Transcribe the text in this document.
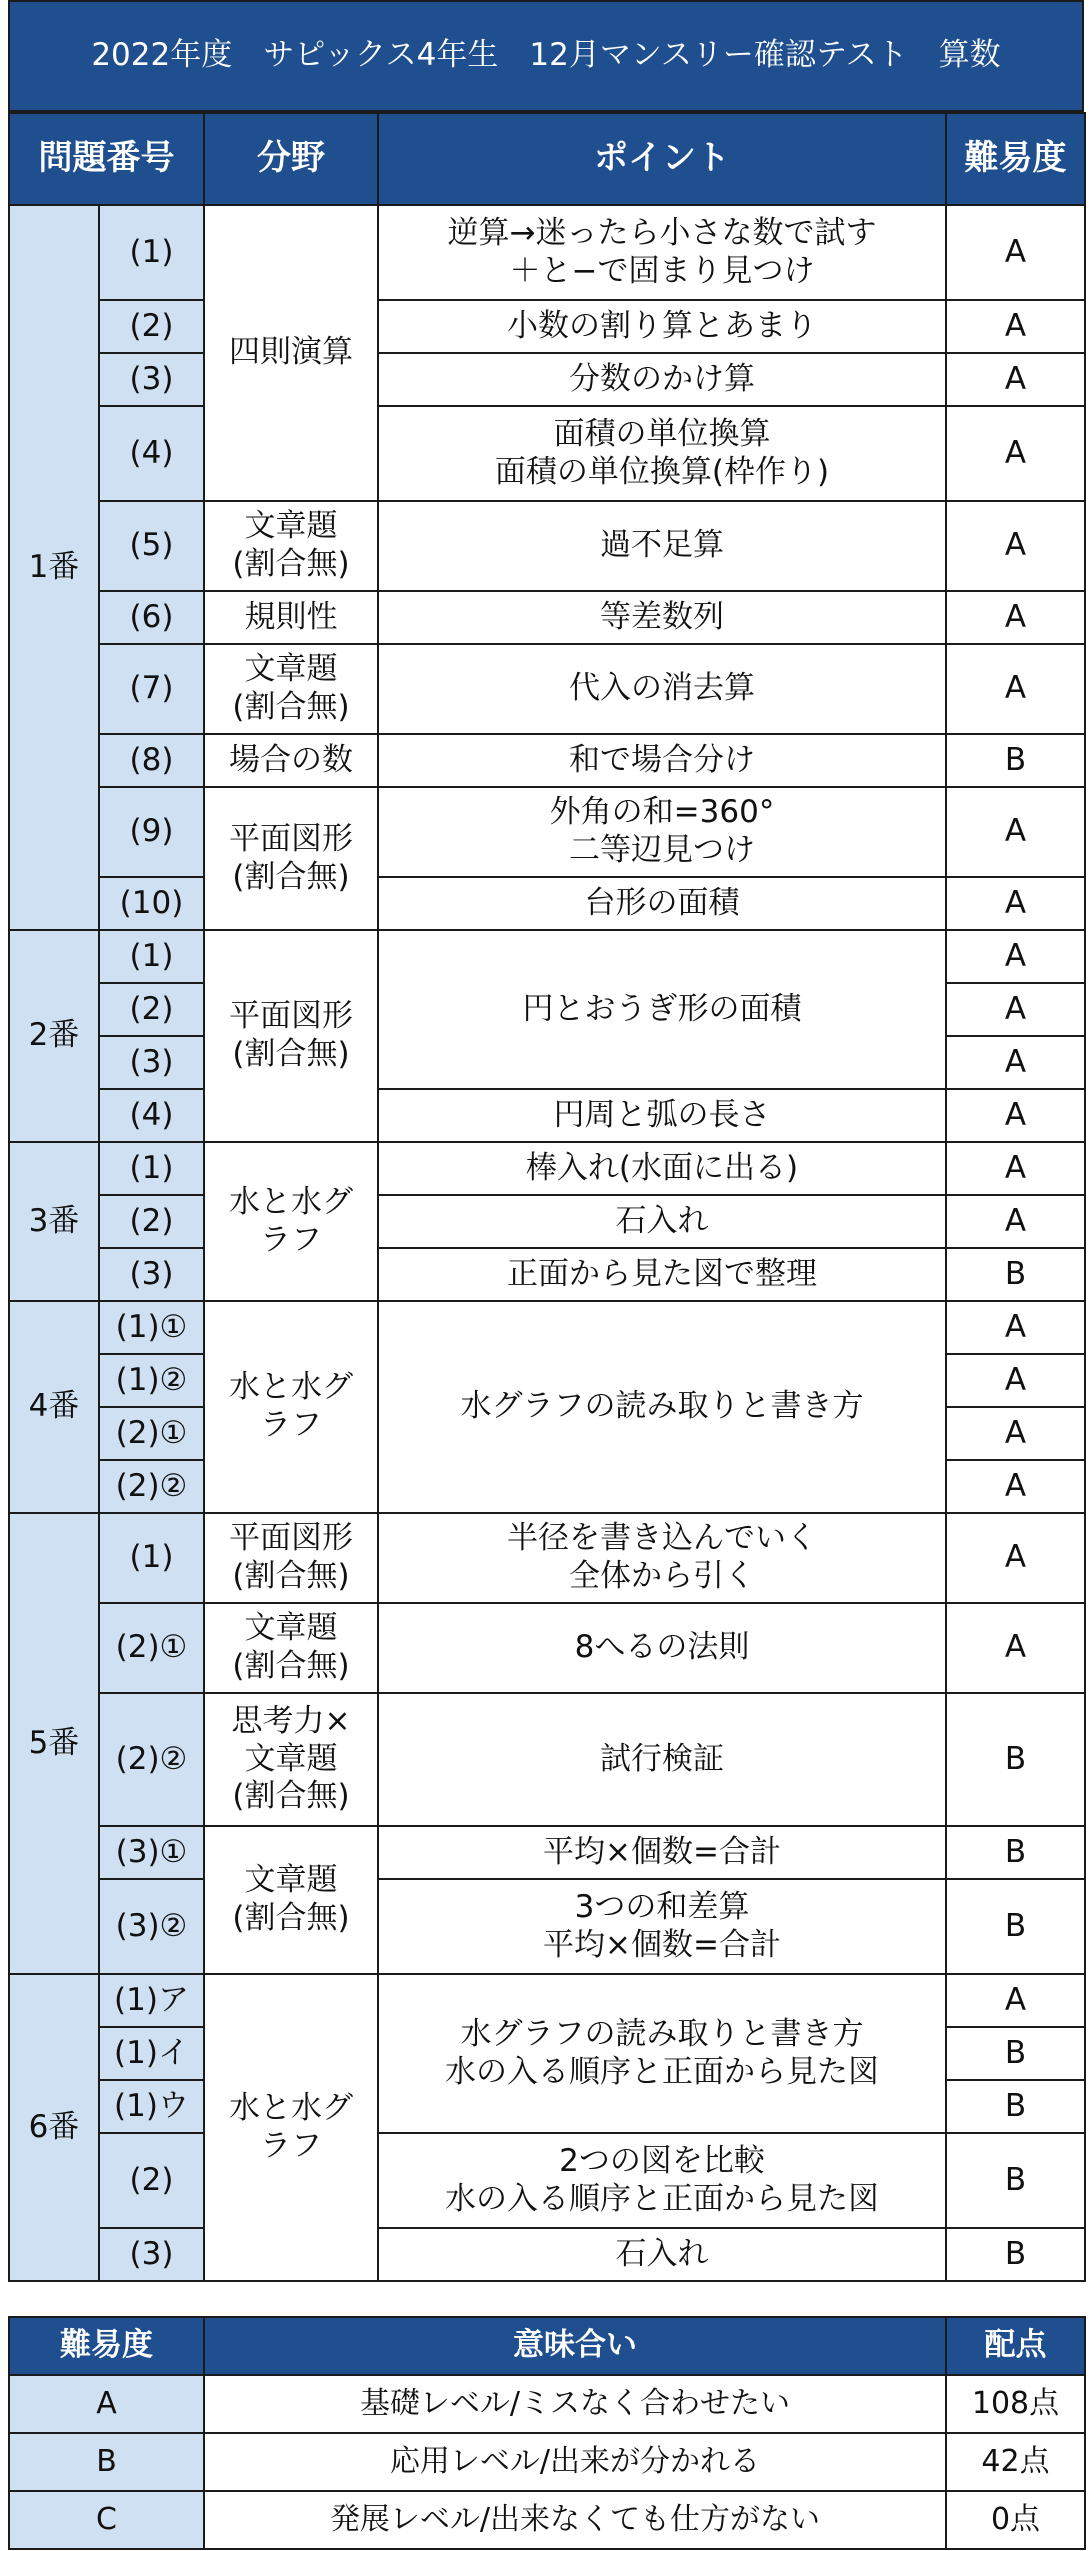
2022年度　サピックス4年生　12月マンスリー確認テスト　算数
問題番号		分野	ポイント	難易度
1番	(1)	四則演算	逆算→迷ったら小さな数で試す
＋と−で固まり見つけ	A
	(2)		小数の割り算とあまり	A
	(3)		分数のかけ算	A
	(4)		面積の単位換算
面積の単位換算(枠作り)	A
	(5)	文章題
(割合無)	過不足算	A
	(6)	規則性	等差数列	A
	(7)	文章題
(割合無)	代入の消去算	A
	(8)	場合の数	和で場合分け	B
	(9)	平面図形
(割合無)	外角の和=360°
二等辺見つけ	A
	(10)		台形の面積	A
2番	(1)	平面図形
(割合無)	円とおうぎ形の面積	A
	(2)			A
	(3)			A
	(4)		円周と弧の長さ	A
3番	(1)	水と水グ
ラフ	棒入れ(水面に出る)	A
	(2)		石入れ	A
	(3)		正面から見た図で整理	B
4番	(1)①	水と水グ
ラフ	水グラフの読み取りと書き方	A
	(1)②			A
	(2)①			A
	(2)②			A
5番	(1)	平面図形
(割合無)	半径を書き込んでいく
全体から引く	A
	(2)①	文章題
(割合無)	8へるの法則	A
	(2)②	思考力×
文章題
(割合無)	試行検証	B
	(3)①	文章題
(割合無)	平均×個数=合計	B
	(3)②		3つの和差算
平均×個数=合計	B
6番	(1)ア	水と水グ
ラフ	水グラフの読み取りと書き方
水の入る順序と正面から見た図	A
	(1)イ			B
	(1)ウ			B
	(2)		2つの図を比較
水の入る順序と正面から見た図	B
	(3)		石入れ	B
難易度	意味合い	配点
A	基礎レベル/ミスなく合わせたい	108点
B	応用レベル/出来が分かれる	42点
C	発展レベル/出来なくても仕方がない	0点
